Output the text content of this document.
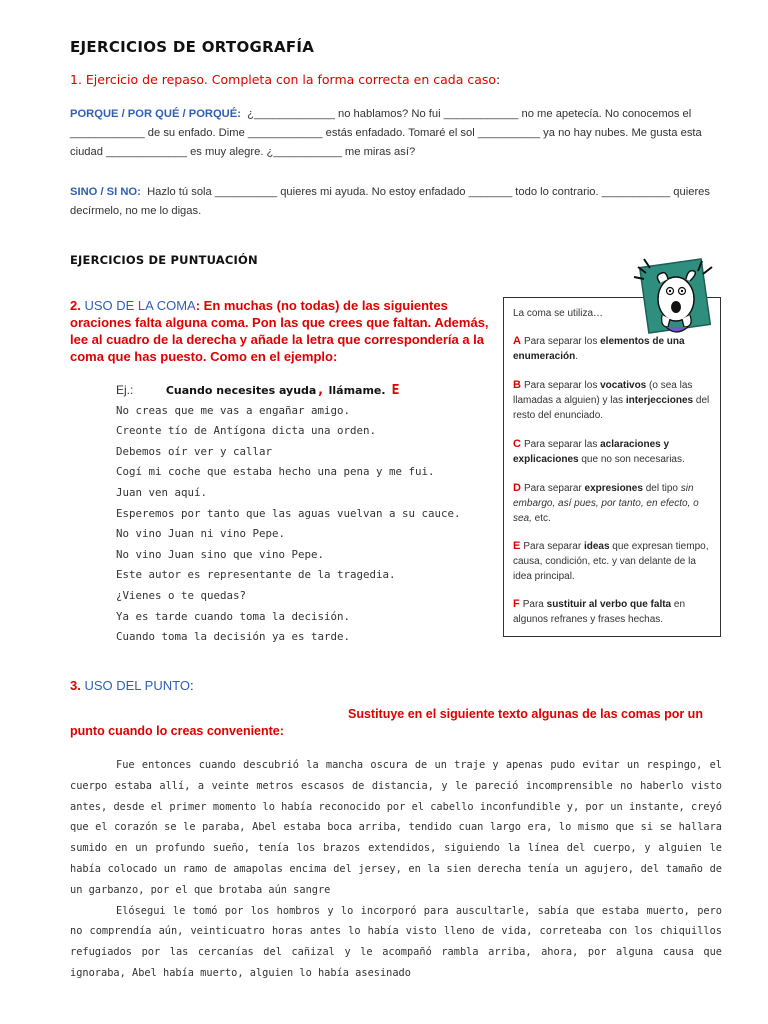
EJERCICIOS DE ORTOGRAFÍA
1. Ejercicio de repaso. Completa con la forma correcta en cada caso:
PORQUE / POR QUÉ / PORQUÉ: ¿_____________ no hablamos? No fui ____________ no me apetecía. No conocemos el ____________ de su enfado. Dime ____________ estás enfadado. Tomaré el sol __________ ya no hay nubes. Me gusta esta ciudad _____________ es muy alegre. ¿___________ me miras así?
SINO / SI NO: Hazlo tú sola __________ quieres mi ayuda. No estoy enfadado _______ todo lo contrario. ___________ quieres decírmelo, no me lo digas.
EJERCICIOS DE PUNTUACIÓN
2. USO DE LA COMA: En muchas (no todas) de las siguientes oraciones falta alguna coma. Pon las que crees que faltan. Además, lee al cuadro de la derecha y añade la letra que correspondería a la coma que has puesto. Como en el ejemplo:
Ej.:	Cuando necesites ayuda, llámame. E
No creas que me vas a engañar amigo.
Creonte tío de Antígona dicta una orden.
Debemos oír ver y callar
Cogí mi coche que estaba hecho una pena y me fui.
Juan ven aquí.
Esperemos por tanto que las aguas vuelvan a su cauce.
No vino Juan ni vino Pepe.
No vino Juan sino que vino Pepe.
Este autor es representante de la tragedia.
¿Vienes o te quedas?
Ya es tarde cuando toma la decisión.
Cuando toma la decisión ya es tarde.
La coma se utiliza…
A Para separar los elementos de una enumeración.
B Para separar los vocativos (o sea las llamadas a alguien) y las interjecciones del resto del enunciado.
C Para separar las aclaraciones y explicaciones que no son necesarias.
D Para separar expresiones del tipo sin embargo, así pues, por tanto, en efecto, o sea, etc.
E Para separar ideas que expresan tiempo, causa, condición, etc. y van delante de la idea principal.
F Para sustituir al verbo que falta en algunos refranes y frases hechas.
3. USO DEL PUNTO:
Sustituye en el siguiente texto algunas de las comas por un
punto cuando lo creas conveniente:

Fue entonces cuando descubrió la mancha oscura de un traje y apenas pudo evitar un respingo, el cuerpo estaba allí, a veinte metros escasos de distancia, y le pareció incomprensible no haberlo visto antes, desde el primer momento lo había reconocido por el cabello inconfundible y, por un instante, creyó que el corazón se le paraba, Abel estaba boca arriba, tendido cuan largo era, lo mismo que si se hallara sumido en un profundo sueño, tenía los brazos extendidos, siguiendo la línea del cuerpo, y alguien le había colocado un ramo de amapolas encima del jersey, en la sien derecha tenía un agujero, del tamaño de un garbanzo, por el que brotaba aún sangre

Elósegui le tomó por los hombros y lo incorporó para auscultarle, sabía que estaba muerto, pero no comprendía aún, veinticuatro horas antes lo había visto lleno de vida, correteaba con los chiquillos refugiados por las cercanías del cañizal y le acompañó rambla arriba, ahora, por alguna causa que ignoraba, Abel había muerto, alguien lo había asesinado
